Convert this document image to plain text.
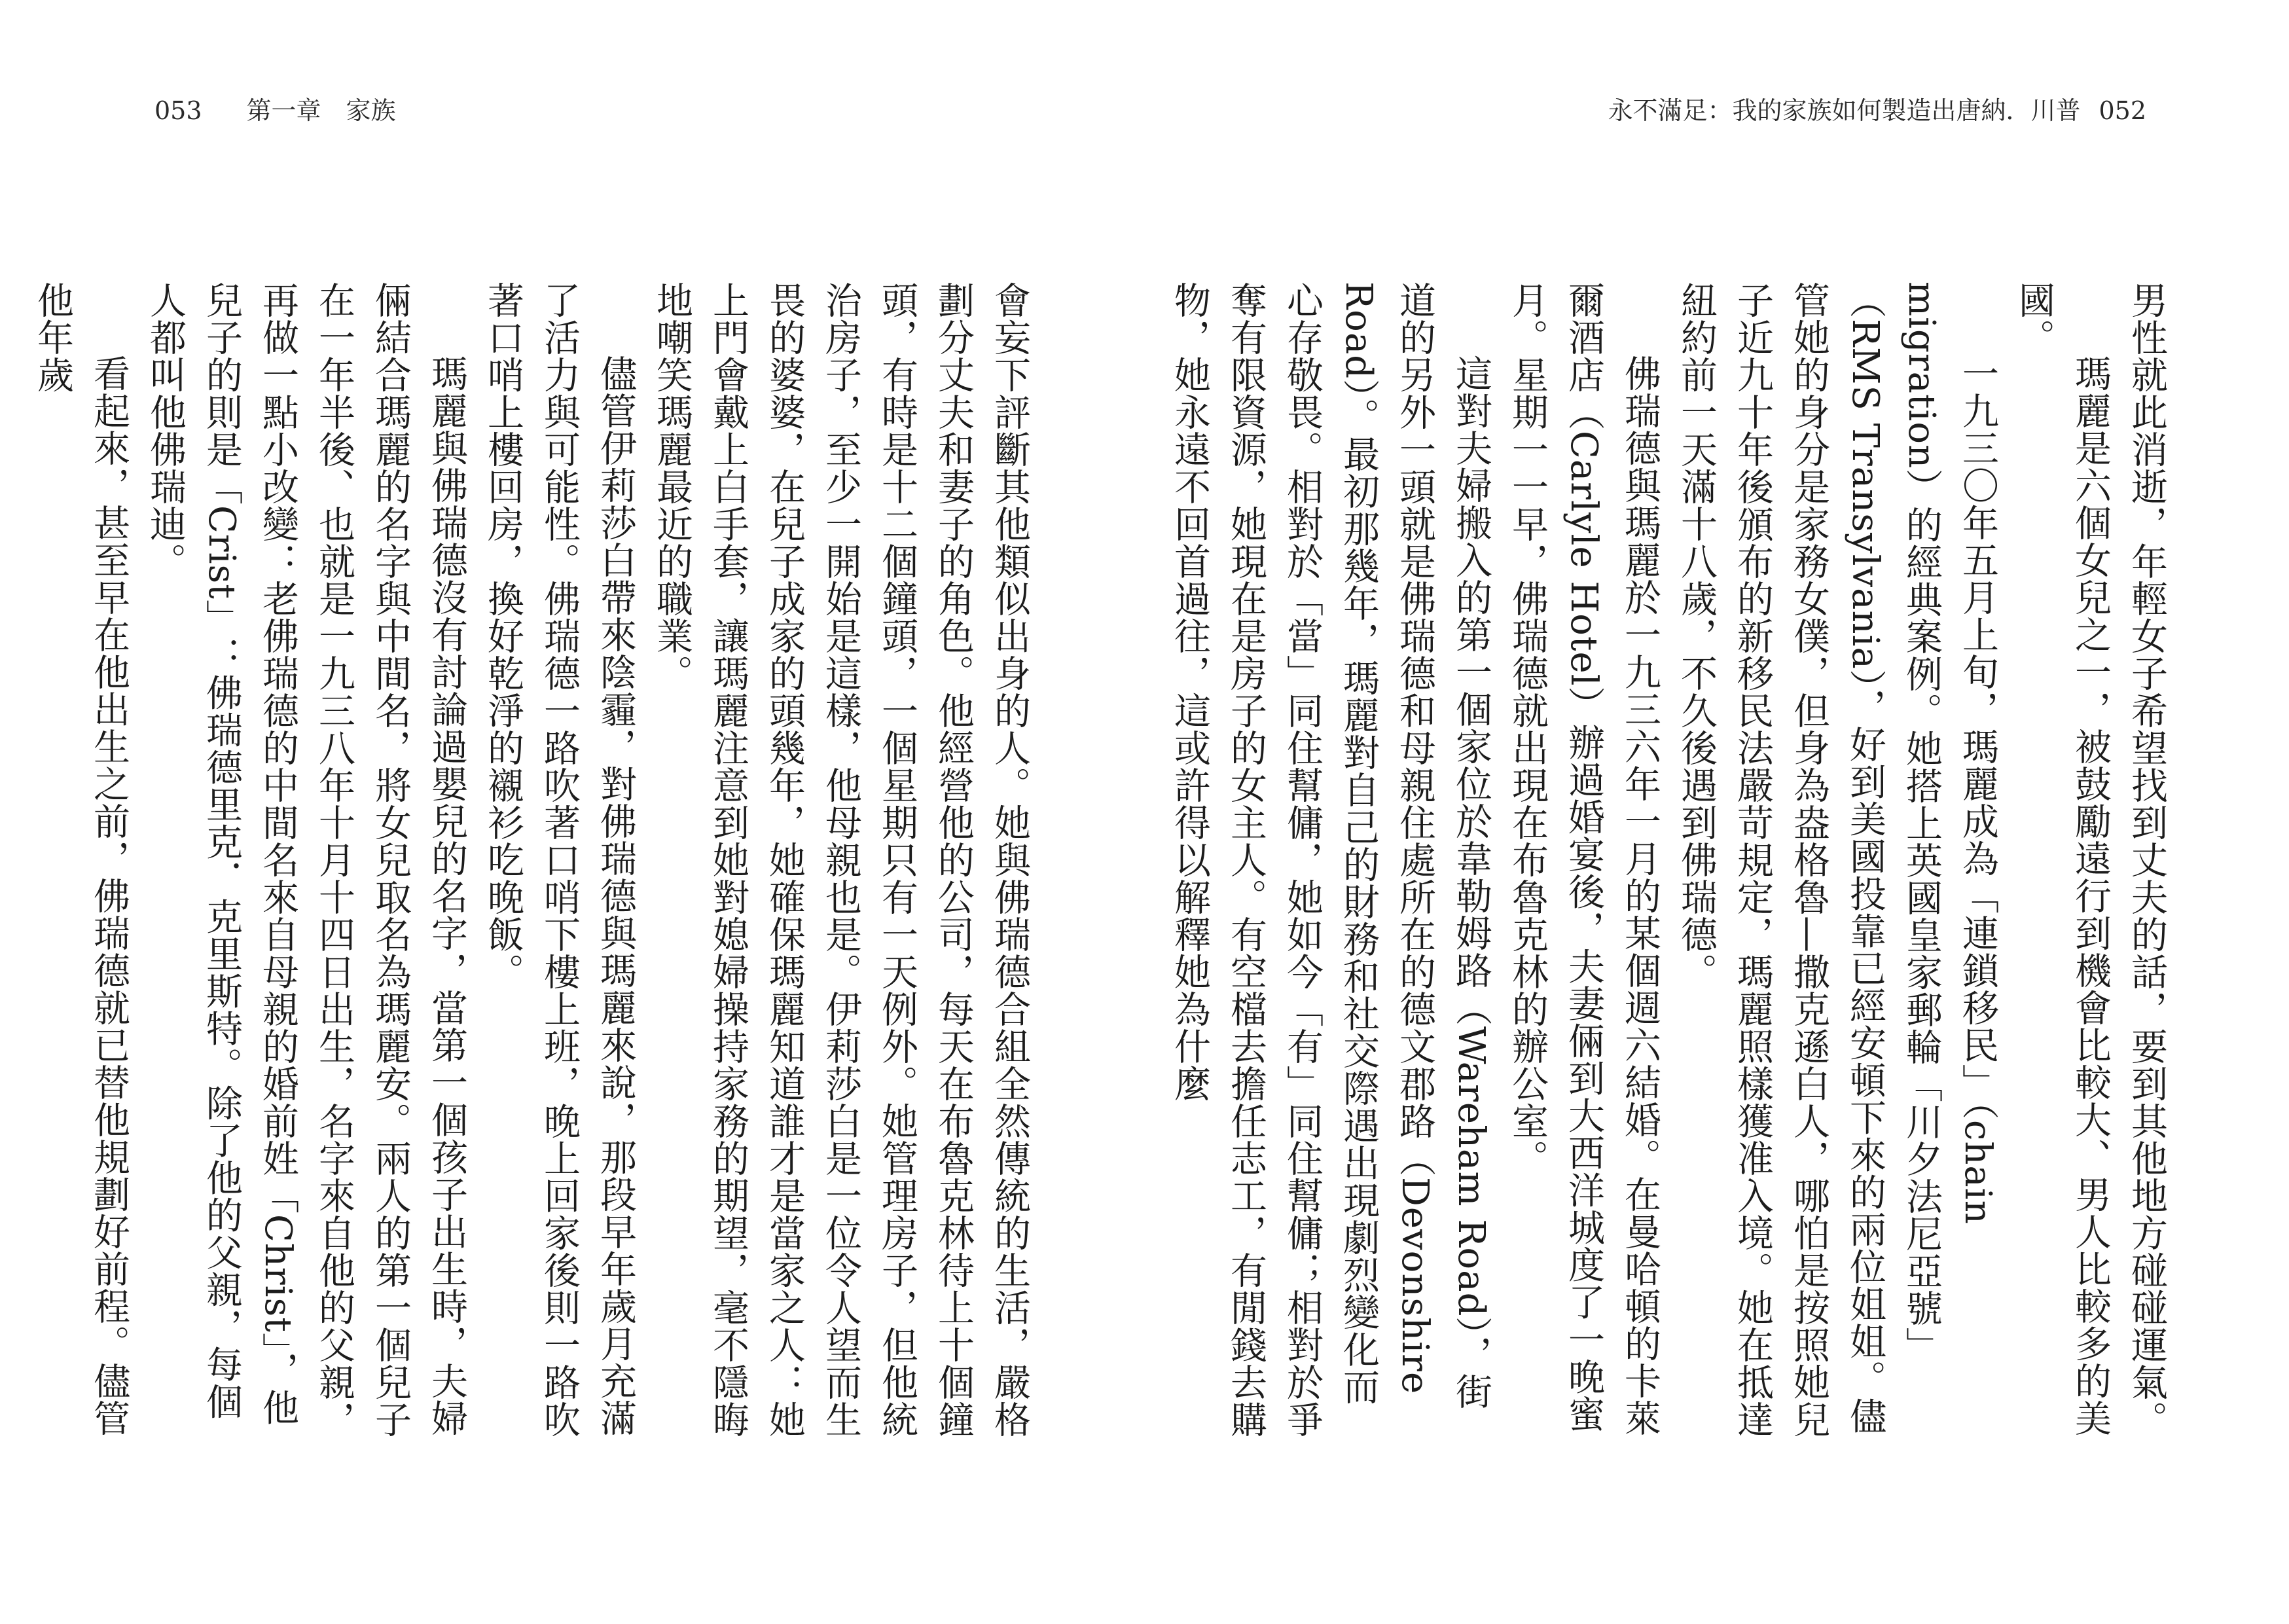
053 第一章　家族	永不滿足：我的家族如何製造出唐納．川普 052

男性就此消逝，年輕女子希望找到丈夫的話，要到其他地方碰碰運氣。

瑪麗是六個女兒之一，被鼓勵遠行到機會比較大、男人比較多的美國。

一九三〇年五月上旬，瑪麗成為「連鎖移民」（chain migration）的經典案例。她搭上英國皇家郵輪「川夕法尼亞號」（RMS Transylvania），好到美國投靠已經安頓下來的兩位姐姐。儘管她的身分是家務女僕，但身為盎格魯—撒克遜白人，哪怕是按照她兒子近九十年後頒布的新移民法嚴苛規定，瑪麗照樣獲准入境。她在抵達紐約前一天滿十八歲，不久後遇到佛瑞德。

佛瑞德與瑪麗於一九三六年一月的某個週六結婚。在曼哈頓的卡萊爾酒店（Carlyle Hotel）辦過婚宴後，夫妻倆到大西洋城度了一晚蜜月。星期一一早，佛瑞德就出現在布魯克林的辦公室。

這對夫婦搬入的第一個家位於韋勒姆路（Wareham Road），街道的另外一頭就是佛瑞德和母親住處所在的德文郡路（Devonshire Road）。最初那幾年，瑪麗對自己的財務和社交際遇出現劇烈變化而心存敬畏。相對於「當」同住幫傭，她如今「有」同住幫傭；相對於爭奪有限資源，她現在是房子的女主人。有空檔去擔任志工，有閒錢去購物，她永遠不回首過往，這或許得以解釋她為什麼

會妄下評斷其他類似出身的人。她與佛瑞德合組全然傳統的生活，嚴格劃分丈夫和妻子的角色。他經營他的公司，每天在布魯克林待上十個鐘頭，有時是十二個鐘頭，一個星期只有一天例外。她管理房子，但他統治房子，至少一開始是這樣，他母親也是。伊莉莎白是一位令人望而生畏的婆婆，在兒子成家的頭幾年，她確保瑪麗知道誰才是當家之人：她上門會戴上白手套，讓瑪麗注意到她對媳婦操持家務的期望，毫不隱晦地嘲笑瑪麗最近的職業。

儘管伊莉莎白帶來陰霾，對佛瑞德與瑪麗來說，那段早年歲月充滿了活力與可能性。佛瑞德一路吹著口哨下樓上班，晚上回家後則一路吹著口哨上樓回房，換好乾淨的襯衫吃晚飯。

瑪麗與佛瑞德沒有討論過嬰兒的名字，當第一個孩子出生時，夫婦倆結合瑪麗的名字與中間名，將女兒取名為瑪麗安。兩人的第一個兒子在一年半後、也就是一九三八年十月十四日出生，名字來自他的父親，再做一點小改變：老佛瑞德的中間名來自母親的婚前姓「Christ」，他兒子的則是「Crist」：佛瑞德里克．克里斯特。除了他的父親，每個人都叫他佛瑞迪。

看起來，甚至早在他出生之前，佛瑞德就已替他規劃好前程。儘管他年歲
